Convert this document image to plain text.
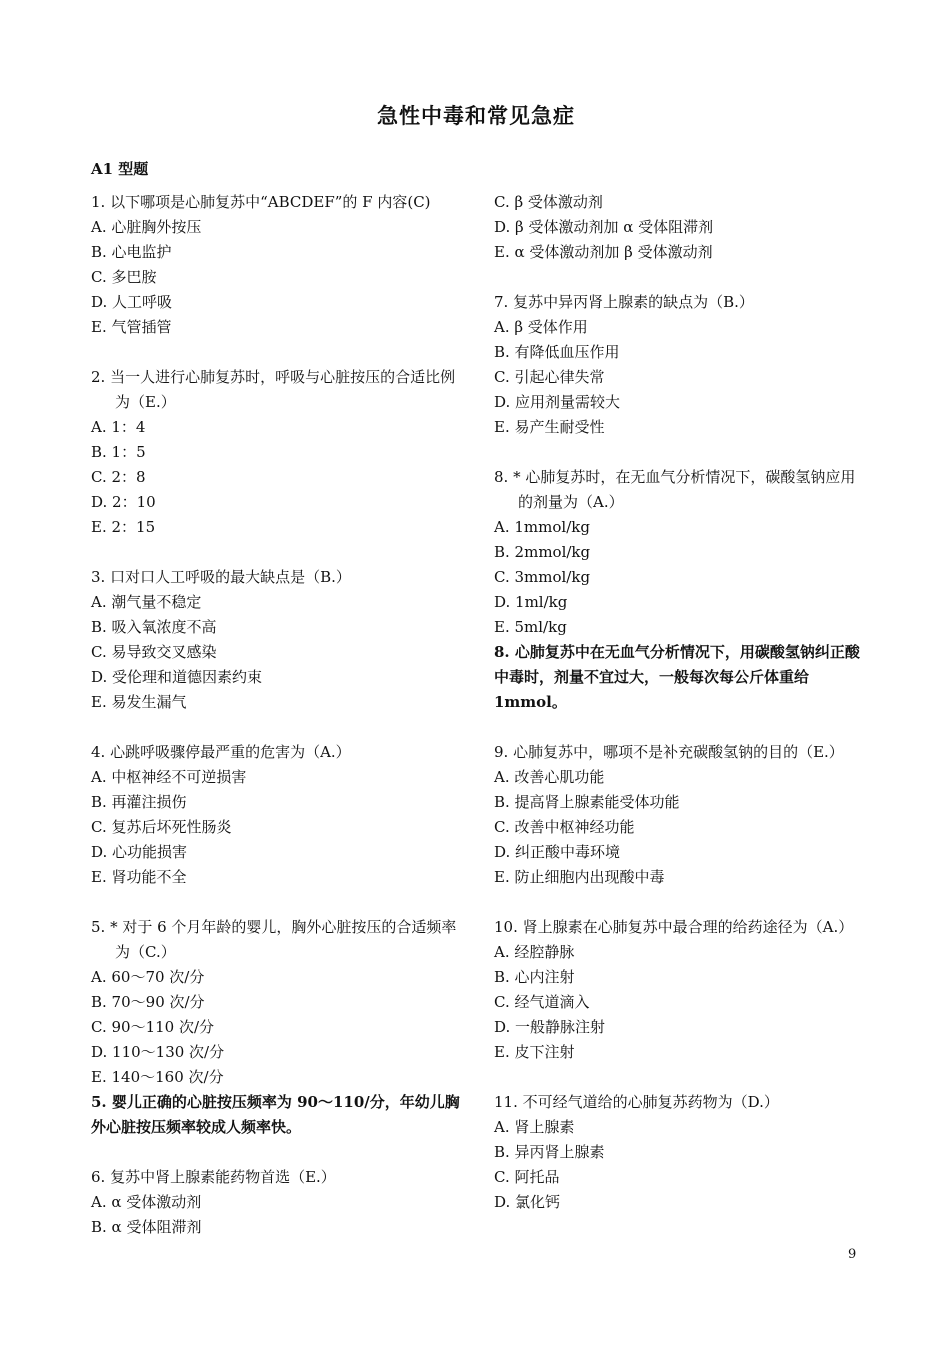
急性中毒和常见急症
A1 型题

1. 以下哪项是心肺复苏中“ABCDEF”的 F 内容(C)

A. 心脏胸外按压

B. 心电监护

C. 多巴胺

D. 人工呼吸

E. 气管插管

2. 当一人进行心肺复苏时，呼吸与心脏按压的合适比例为（E.）

A. 1：4

B. 1：5

C. 2：8

D. 2：10

E. 2：15

3. 口对口人工呼吸的最大缺点是（B.）

A. 潮气量不稳定

B. 吸入氧浓度不高

C. 易导致交叉感染

D. 受伦理和道德因素约束

E. 易发生漏气

4. 心跳呼吸骤停最严重的危害为（A.）

A. 中枢神经不可逆损害

B. 再灌注损伤

C. 复苏后坏死性肠炎

D. 心功能损害

E. 肾功能不全

5. * 对于 6 个月年龄的婴儿，胸外心脏按压的合适频率为（C.）

A. 60～70 次/分

B. 70～90 次/分

C. 90～110 次/分

D. 110～130 次/分

E. 140～160 次/分

5. 婴儿正确的心脏按压频率为 90～110/分，年幼儿胸外心脏按压频率较成人频率快。

6. 复苏中肾上腺素能药物首选（E.）

A. α 受体激动剂

B. α 受体阻滞剂

C. β 受体激动剂

D. β 受体激动剂加 α 受体阻滞剂

E. α 受体激动剂加 β 受体激动剂

7. 复苏中异丙肾上腺素的缺点为（B.）

A. β 受体作用

B. 有降低血压作用

C. 引起心律失常

D. 应用剂量需较大

E. 易产生耐受性

8. * 心肺复苏时，在无血气分析情况下，碳酸氢钠应用的剂量为（A.）

A. 1mmol/kg

B. 2mmol/kg

C. 3mmol/kg

D. 1ml/kg

E. 5ml/kg

8. 心肺复苏中在无血气分析情况下，用碳酸氢钠纠正酸中毒时，剂量不宜过大，一般每次每公斤体重给 1mmol。

9. 心肺复苏中，哪项不是补充碳酸氢钠的目的（E.）

A. 改善心肌功能

B. 提高肾上腺素能受体功能

C. 改善中枢神经功能

D. 纠正酸中毒环境

E. 防止细胞内出现酸中毒

10. 肾上腺素在心肺复苏中最合理的给药途径为（A.）

A. 经腔静脉

B. 心内注射

C. 经气道滴入

D. 一般静脉注射

E. 皮下注射

11. 不可经气道给的心肺复苏药物为（D.）

A. 肾上腺素

B. 异丙肾上腺素

C. 阿托品

D. 氯化钙

9
